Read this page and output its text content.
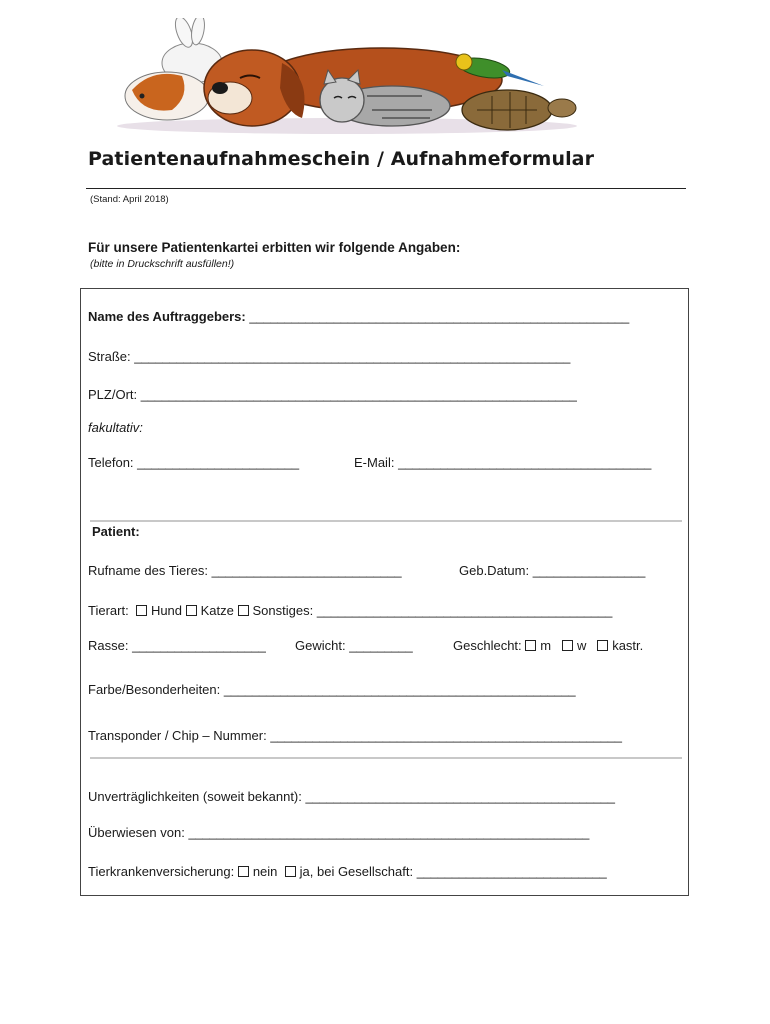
Patientenaufnahmeschein / Aufnahmeformular
(Stand: April 2018)
Für unsere Patientenkartei erbitten wir folgende Angaben:
(bitte in Druckschrift ausfüllen!)
Name des Auftraggebers: ______________________________________________________
Straße: ______________________________________________________________
PLZ/Ort: ______________________________________________________________
fakultativ:
Telefon: _______________________	E-Mail: ____________________________________
Patient:
Rufname des Tieres: ___________________________	Geb.Datum: ________________
Tierart: Hund Katze Sonstiges: __________________________________________
Rasse: ___________________ Gewicht: _________	Geschlecht: m w kastr.
Farbe/Besonderheiten: __________________________________________________
Transponder / Chip – Nummer: __________________________________________________
Unverträglichkeiten (soweit bekannt): ____________________________________________
Überwiesen von: _________________________________________________________
Tierkrankenversicherung: nein ja, bei Gesellschaft: ___________________________
